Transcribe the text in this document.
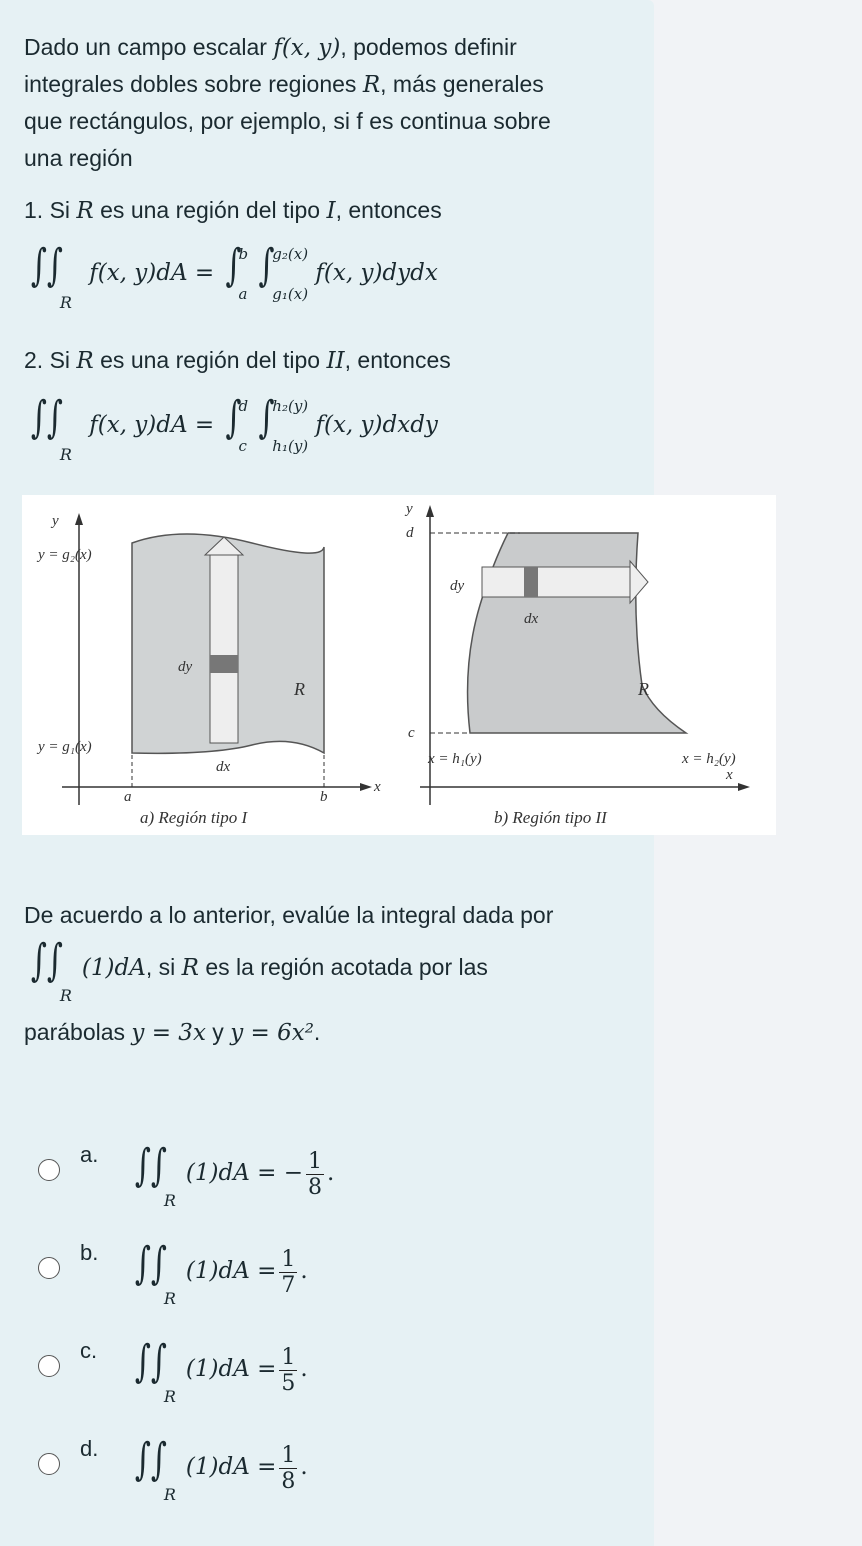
Dado un campo escalar f(x, y), podemos definir
integrales dobles sobre regiones R, más generales
que rectángulos, por ejemplo, si f es continua sobre
una región
1. Si R es una región del tipo I, entonces
$\int\int_R$ f(x, y)dA = ∫
b
a
∫
g₂(x)
g₁(x)
f(x, y)dydx
2. Si R es una región del tipo II, entonces
$\int\int_R$ f(x, y)dA = ∫
d
c
∫
h₂(y)
h₁(y)
f(x, y)dxdy
y
y = g₂(x)
y = g₁(x)
dy
dx
R
a	b
x
a) Región tipo I
y
d
c
dy
dx
R
x = h₁(y)	x = h₂(y)
x
b) Región tipo II
De acuerdo a lo anterior, evalúe la integral dada por
$\int\int_R(1)dA$, si R es la región acotada por las
parábolas y = 3x y y = 6x².
a. $\int\int_R(1)dA$ = − $\frac{1}{8}$ .
b. $\int\int_R(1)dA = \frac{1}{7}$ .
c. $\int\int_R(1)dA = \frac{1}{5}$ .
d. $\int\int_R(1)dA = \frac{1}{8}$ .
